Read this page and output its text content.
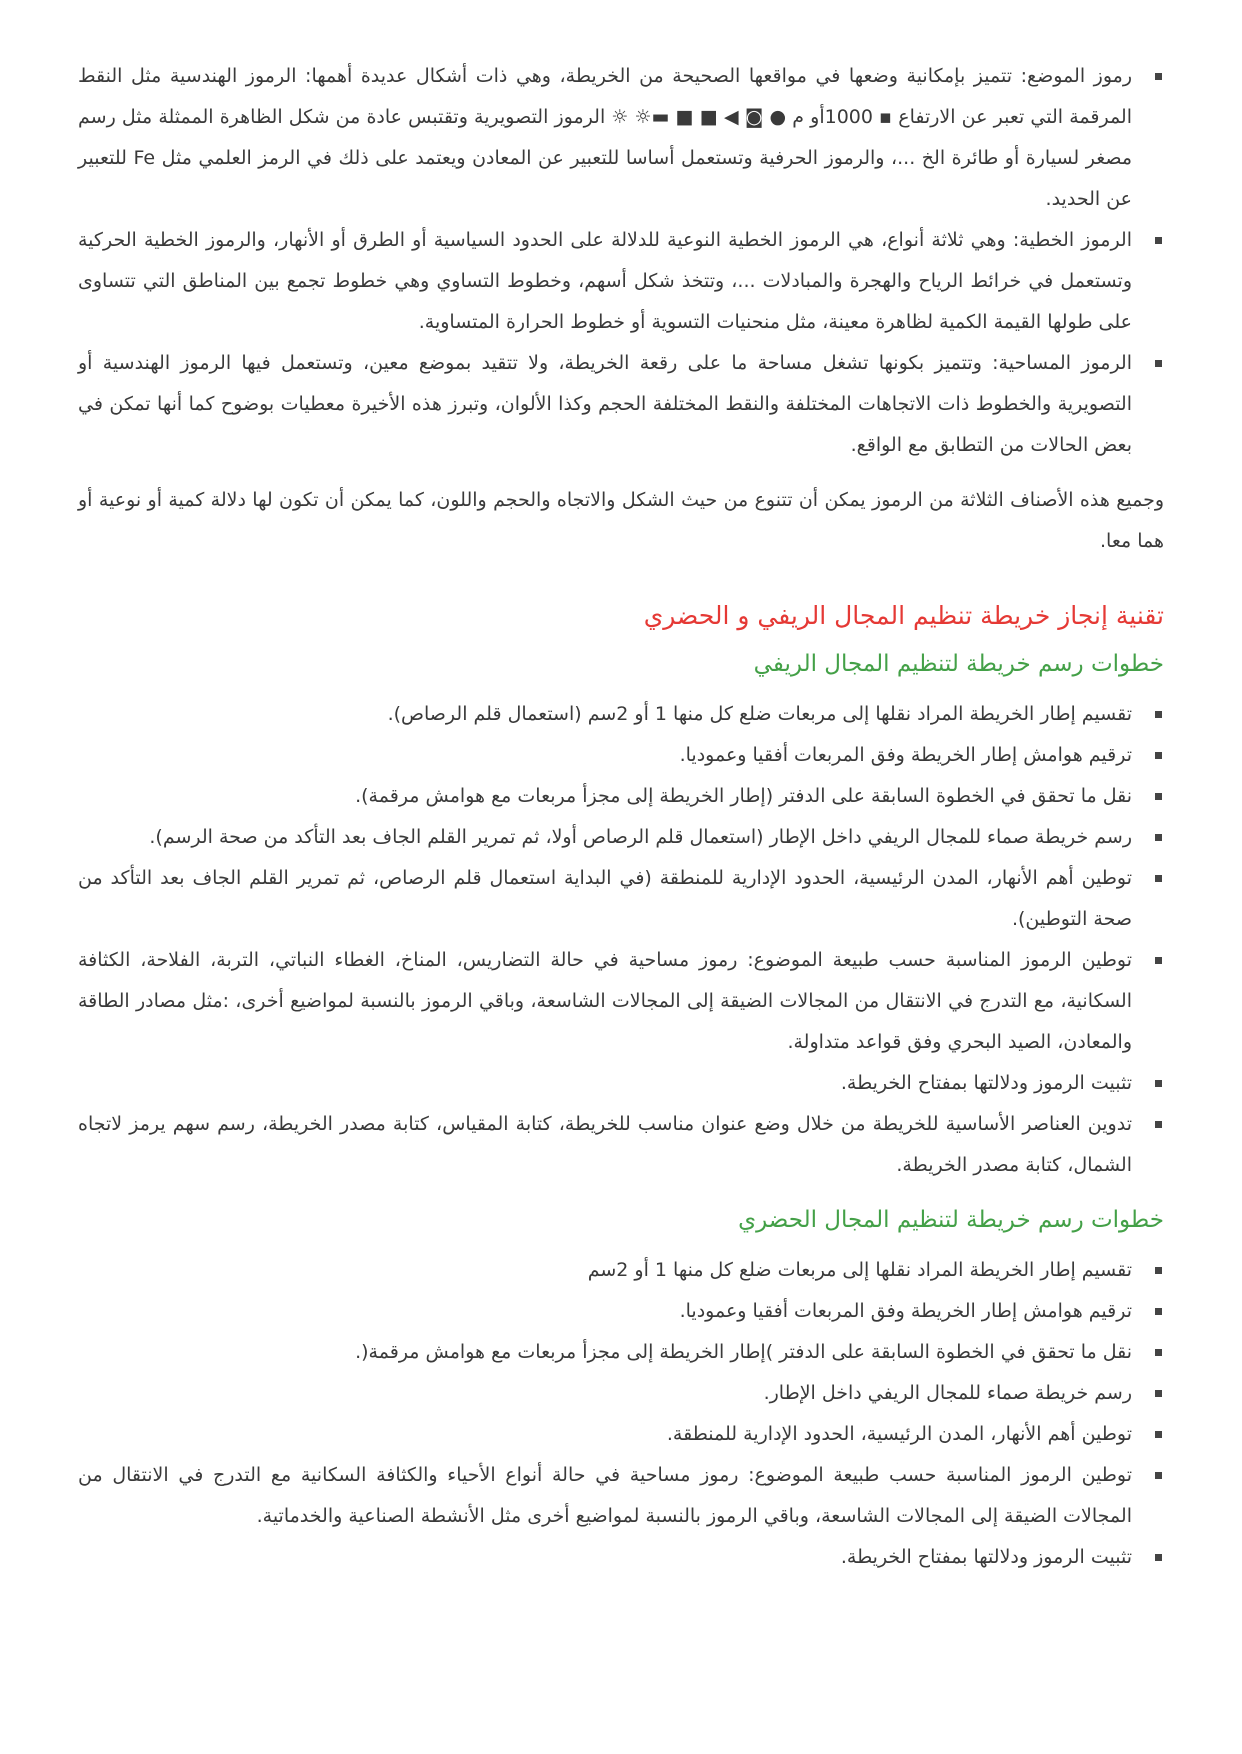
رموز الموضع: تتميز بإمكانية وضعها في مواقعها الصحيحة من الخريطة، وهي ذات أشكال عديدة أهمها: الرموز الهندسية مثل النقط المرقمة التي تعبر عن الارتفاع ▪ 1000أو م ● ◙ ◀ ■ ■ ▬☼ ☼ الرموز التصويرية وتقتبس عادة من شكل الظاهرة الممثلة مثل رسم مصغر لسيارة أو طائرة الخ ...، والرموز الحرفية وتستعمل أساسا للتعبير عن المعادن ويعتمد على ذلك في الرمز العلمي مثل Fe للتعبير عن الحديد.
الرموز الخطية: وهي ثلاثة أنواع، هي الرموز الخطية النوعية للدلالة على الحدود السياسية أو الطرق أو الأنهار، والرموز الخطية الحركية وتستعمل في خرائط الرياح والهجرة والمبادلات ...، وتتخذ شكل أسهم، وخطوط التساوي وهي خطوط تجمع بين المناطق التي تتساوى على طولها القيمة الكمية لظاهرة معينة، مثل منحنيات التسوية أو خطوط الحرارة المتساوية.
الرموز المساحية: وتتميز بكونها تشغل مساحة ما على رقعة الخريطة، ولا تتقيد بموضع معين، وتستعمل فيها الرموز الهندسية أو التصويرية والخطوط ذات الاتجاهات المختلفة والنقط المختلفة الحجم وكذا الألوان، وتبرز هذه الأخيرة معطيات بوضوح كما أنها تمكن في بعض الحالات من التطابق مع الواقع.

وجميع هذه الأصناف الثلاثة من الرموز يمكن أن تتنوع من حيث الشكل والاتجاه والحجم واللون، كما يمكن أن تكون لها دلالة كمية أو نوعية أو هما معا.

تقنية إنجاز خريطة تنظيم المجال الريفي و الحضري
خطوات رسم خريطة لتنظيم المجال الريفي
تقسيم إطار الخريطة المراد نقلها إلى مربعات ضلع كل منها 1 أو 2سم (استعمال قلم الرصاص).
ترقيم هوامش إطار الخريطة وفق المربعات أفقيا وعموديا.
نقل ما تحقق في الخطوة السابقة على الدفتر (إطار الخريطة إلى مجزأ مربعات مع هوامش مرقمة).
رسم خريطة صماء للمجال الريفي داخل الإطار (استعمال قلم الرصاص أولا، ثم تمرير القلم الجاف بعد التأكد من صحة الرسم).
توطين أهم الأنهار، المدن الرئيسية، الحدود الإدارية للمنطقة (في البداية استعمال قلم الرصاص، ثم تمرير القلم الجاف بعد التأكد من صحة التوطين).
توطين الرموز المناسبة حسب طبيعة الموضوع: رموز مساحية في حالة التضاريس، المناخ، الغطاء النباتي، التربة، الفلاحة، الكثافة السكانية، مع التدرج في الانتقال من المجالات الضيقة إلى المجالات الشاسعة، وباقي الرموز بالنسبة لمواضيع أخرى، :مثل مصادر الطاقة والمعادن، الصيد البحري وفق قواعد متداولة.
تثبيت الرموز ودلالتها بمفتاح الخريطة.
تدوين العناصر الأساسية للخريطة من خلال وضع عنوان مناسب للخريطة، كتابة المقياس، كتابة مصدر الخريطة، رسم سهم يرمز لاتجاه الشمال، كتابة مصدر الخريطة.
خطوات رسم خريطة لتنظيم المجال الحضري
تقسيم إطار الخريطة المراد نقلها إلى مربعات ضلع كل منها 1 أو 2سم
ترقيم هوامش إطار الخريطة وفق المربعات أفقيا وعموديا.
نقل ما تحقق في الخطوة السابقة على الدفتر )إطار الخريطة إلى مجزأ مربعات مع هوامش مرقمة(.
رسم خريطة صماء للمجال الريفي داخل الإطار.
توطين أهم الأنهار، المدن الرئيسية، الحدود الإدارية للمنطقة.
توطين الرموز المناسبة حسب طبيعة الموضوع: رموز مساحية في حالة أنواع الأحياء والكثافة السكانية مع التدرج في الانتقال من المجالات الضيقة إلى المجالات الشاسعة، وباقي الرموز بالنسبة لمواضيع أخرى مثل الأنشطة الصناعية والخدماتية.
تثبيت الرموز ودلالتها بمفتاح الخريطة.
